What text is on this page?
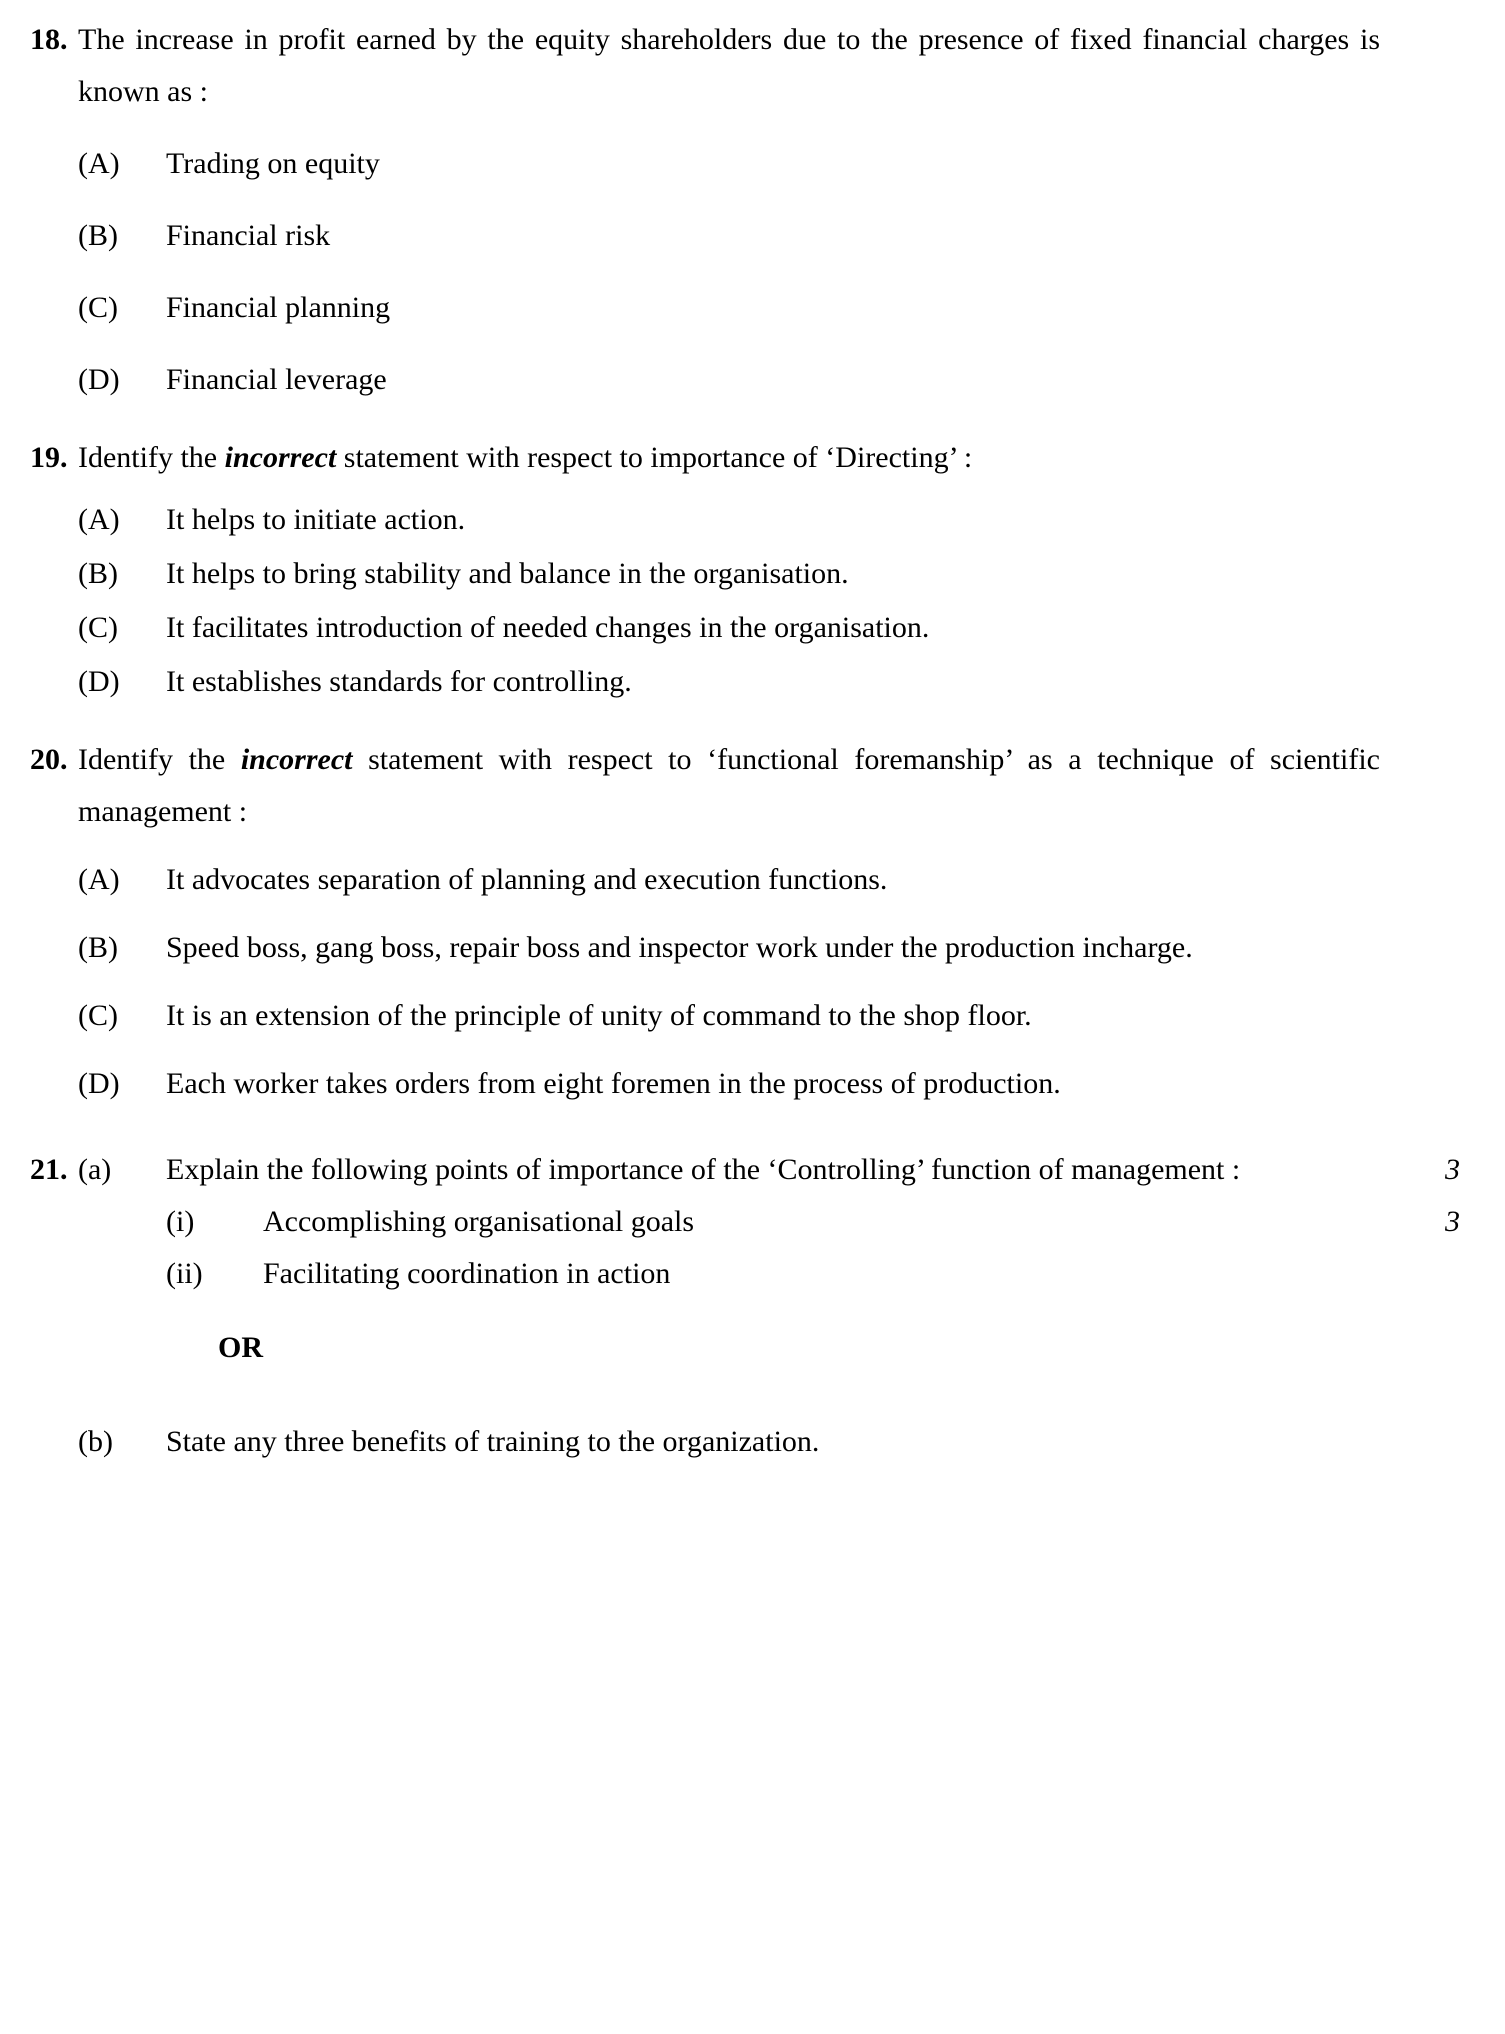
18. The increase in profit earned by the equity shareholders due to the presence of fixed financial charges is known as :

(A)	Trading on equity
(B)	Financial risk
(C)	Financial planning
(D)	Financial leverage
19. Identify the incorrect statement with respect to importance of ‘Directing’ :

(A)	It helps to initiate action.
(B)	It helps to bring stability and balance in the organisation.
(C)	It facilitates introduction of needed changes in the organisation.
(D)	It establishes standards for controlling.
20. Identify the incorrect statement with respect to ‘functional foremanship’ as a technique of scientific management :

(A)	It advocates separation of planning and execution functions.
(B)	Speed boss, gang boss, repair boss and inspector work under the production incharge.
(C)	It is an extension of the principle of unity of command to the shop floor.
(D)	Each worker takes orders from eight foremen in the process of production.
21. (a)	Explain the following points of importance of the ‘Controlling’ function of management :

(i)	Accomplishing organisational goals
(ii)	Facilitating coordination in action
3
OR
(b)	State any three benefits of training to the organization.

3
